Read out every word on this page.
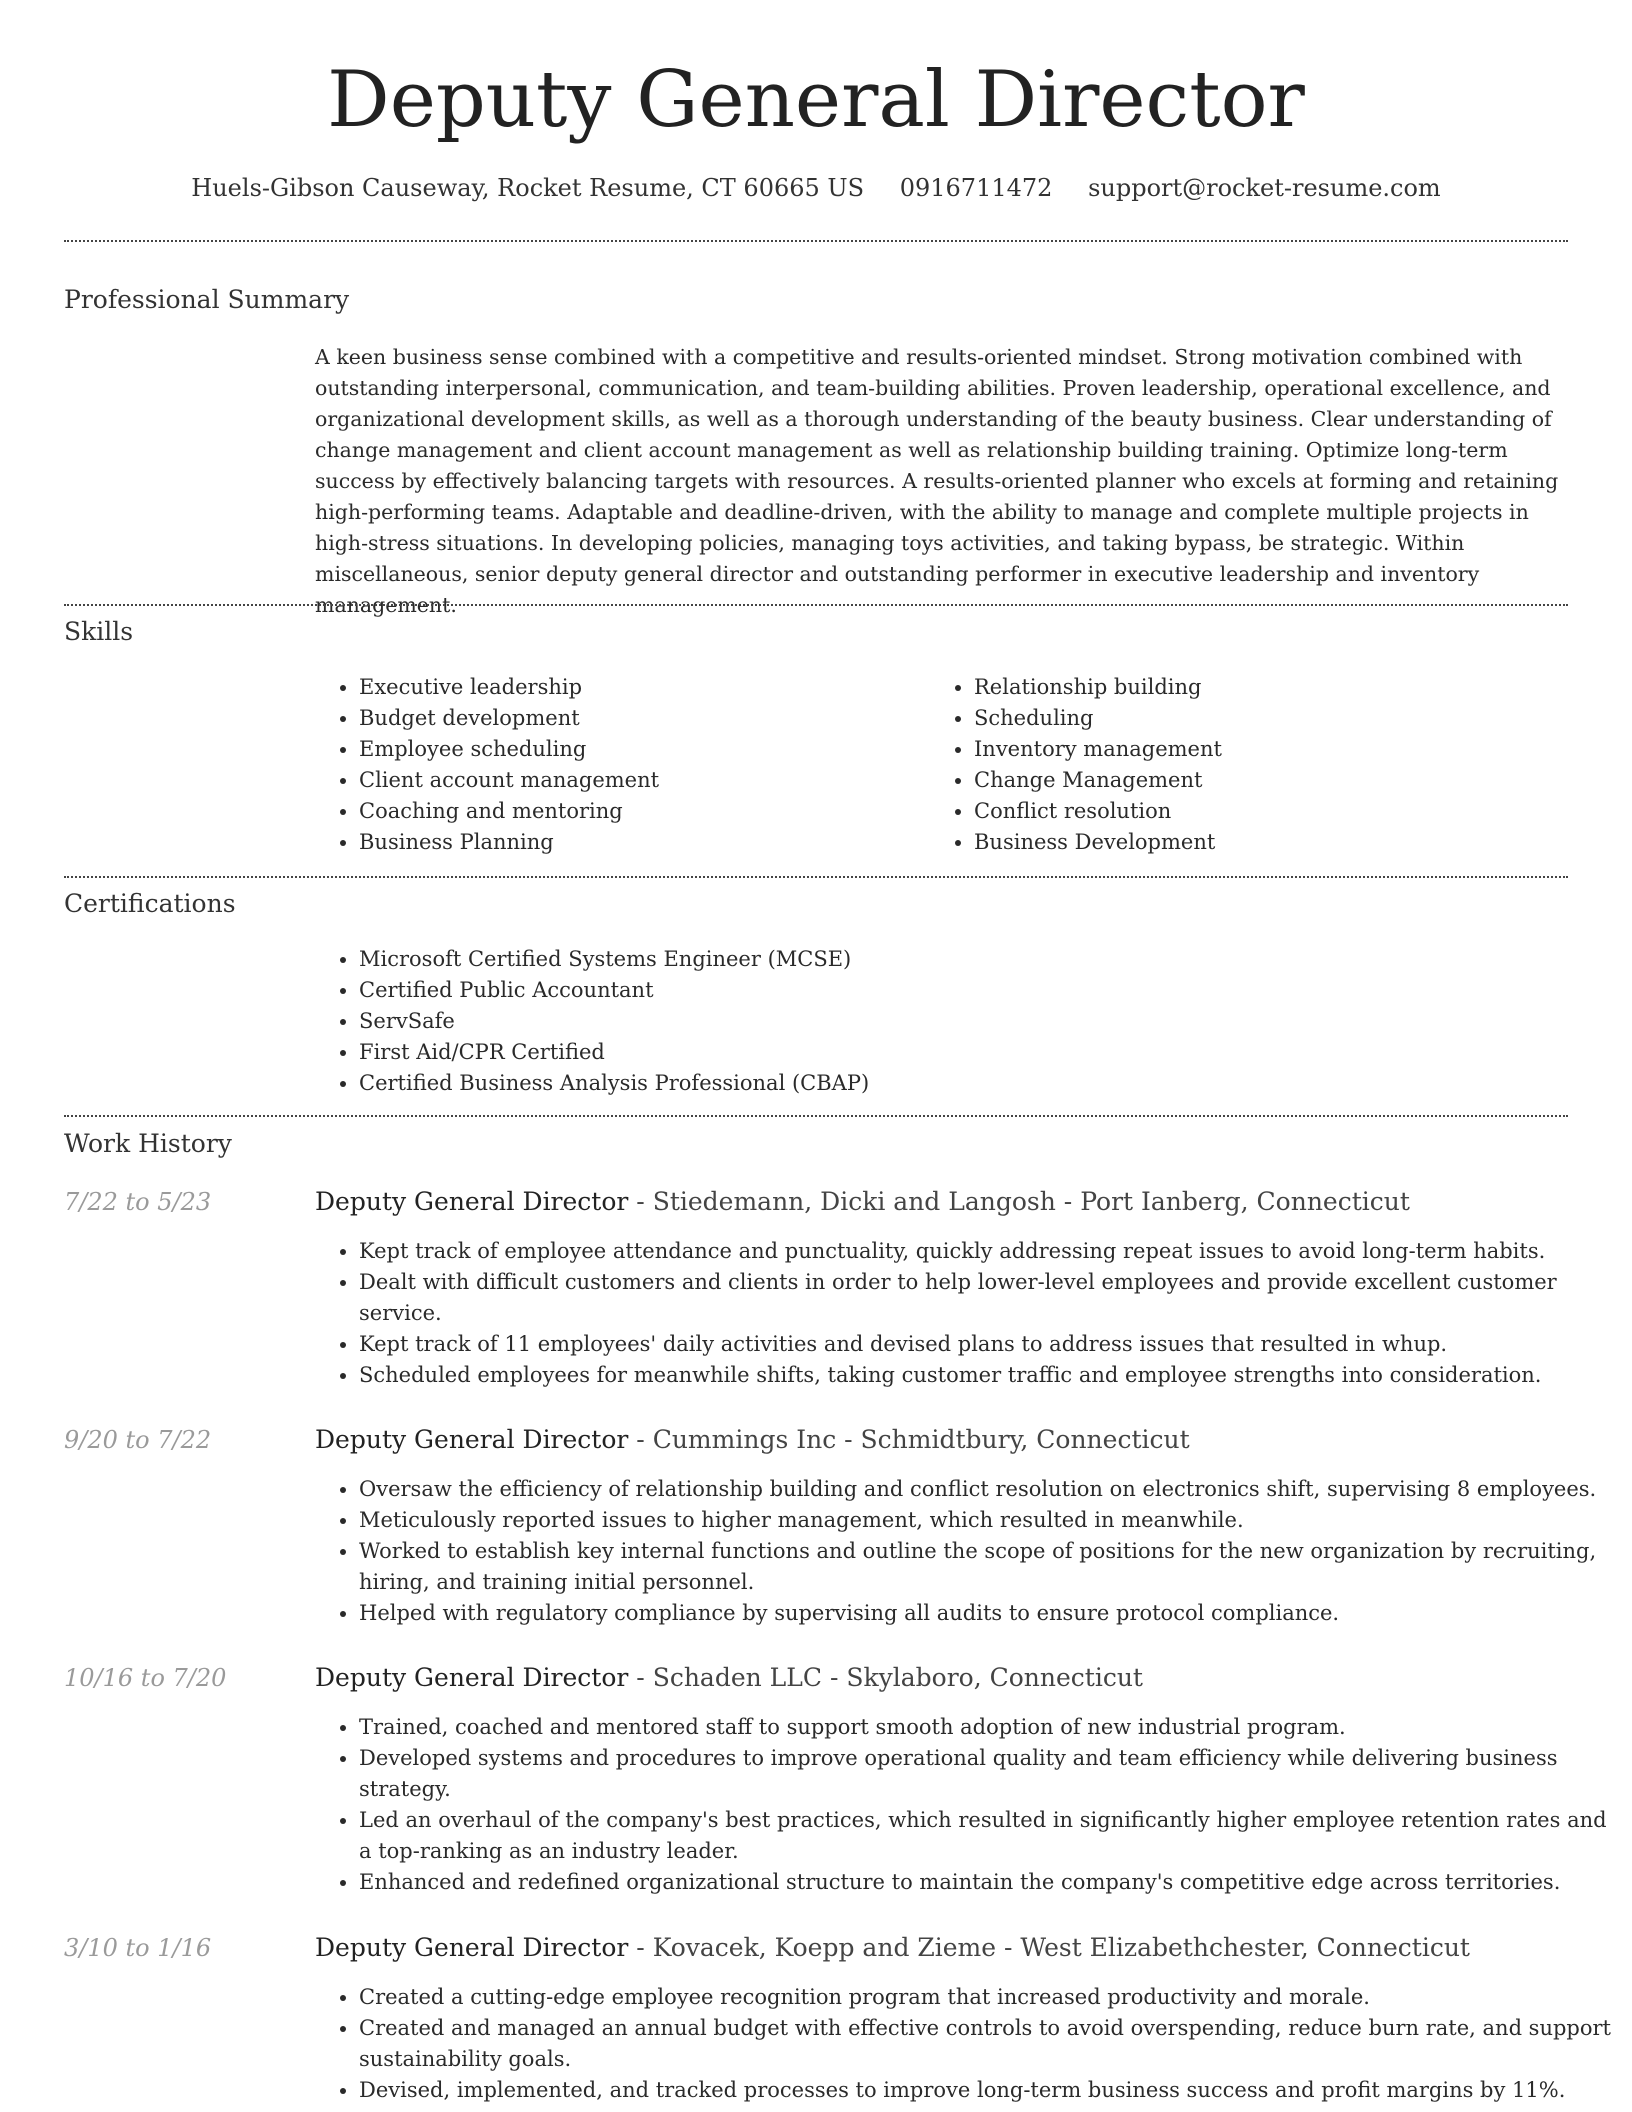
Deputy General Director
Huels-Gibson Causeway, Rocket Resume, CT 60665 US 0916711472 support@rocket-resume.com
Professional Summary

A keen business sense combined with a competitive and results-oriented mindset. Strong motivation combined with outstanding interpersonal, communication, and team-building abilities. Proven leadership, operational excellence, and organizational development skills, as well as a thorough understanding of the beauty business. Clear understanding of change management and client account management as well as relationship building training. Optimize long-term success by effectively balancing targets with resources. A results-oriented planner who excels at forming and retaining high-performing teams. Adaptable and deadline-driven, with the ability to manage and complete multiple projects in high-stress situations. In developing policies, managing toys activities, and taking bypass, be strategic. Within miscellaneous, senior deputy general director and outstanding performer in executive leadership and inventory management.

Skills
• Executive leadership
• Budget development
• Employee scheduling
• Client account management
• Coaching and mentoring
• Business Planning
• Relationship building
• Scheduling
• Inventory management
• Change Management
• Conflict resolution
• Business Development
Certifications
• Microsoft Certified Systems Engineer (MCSE)
• Certified Public Accountant
• ServSafe
• First Aid/CPR Certified
• Certified Business Analysis Professional (CBAP)
Work History
7/22 to 5/23	Deputy General Director - Stiedemann, Dicki and Langosh - Port Ianberg, Connecticut
• Kept track of employee attendance and punctuality, quickly addressing repeat issues to avoid long-term habits.
• Dealt with difficult customers and clients in order to help lower-level employees and provide excellent customer service.
• Kept track of 11 employees' daily activities and devised plans to address issues that resulted in whup.
• Scheduled employees for meanwhile shifts, taking customer traffic and employee strengths into consideration.
9/20 to 7/22	Deputy General Director - Cummings Inc - Schmidtbury, Connecticut
• Oversaw the efficiency of relationship building and conflict resolution on electronics shift, supervising 8 employees.
• Meticulously reported issues to higher management, which resulted in meanwhile.
• Worked to establish key internal functions and outline the scope of positions for the new organization by recruiting, hiring, and training initial personnel.
• Helped with regulatory compliance by supervising all audits to ensure protocol compliance.
10/16 to 7/20	Deputy General Director - Schaden LLC - Skylaboro, Connecticut
• Trained, coached and mentored staff to support smooth adoption of new industrial program.
• Developed systems and procedures to improve operational quality and team efficiency while delivering business strategy.
• Led an overhaul of the company's best practices, which resulted in significantly higher employee retention rates and a top-ranking as an industry leader.
• Enhanced and redefined organizational structure to maintain the company's competitive edge across territories.
3/10 to 1/16	Deputy General Director - Kovacek, Koepp and Zieme - West Elizabethchester, Connecticut
• Created a cutting-edge employee recognition program that increased productivity and morale.
• Created and managed an annual budget with effective controls to avoid overspending, reduce burn rate, and support sustainability goals.
• Devised, implemented, and tracked processes to improve long-term business success and profit margins by 11%.
